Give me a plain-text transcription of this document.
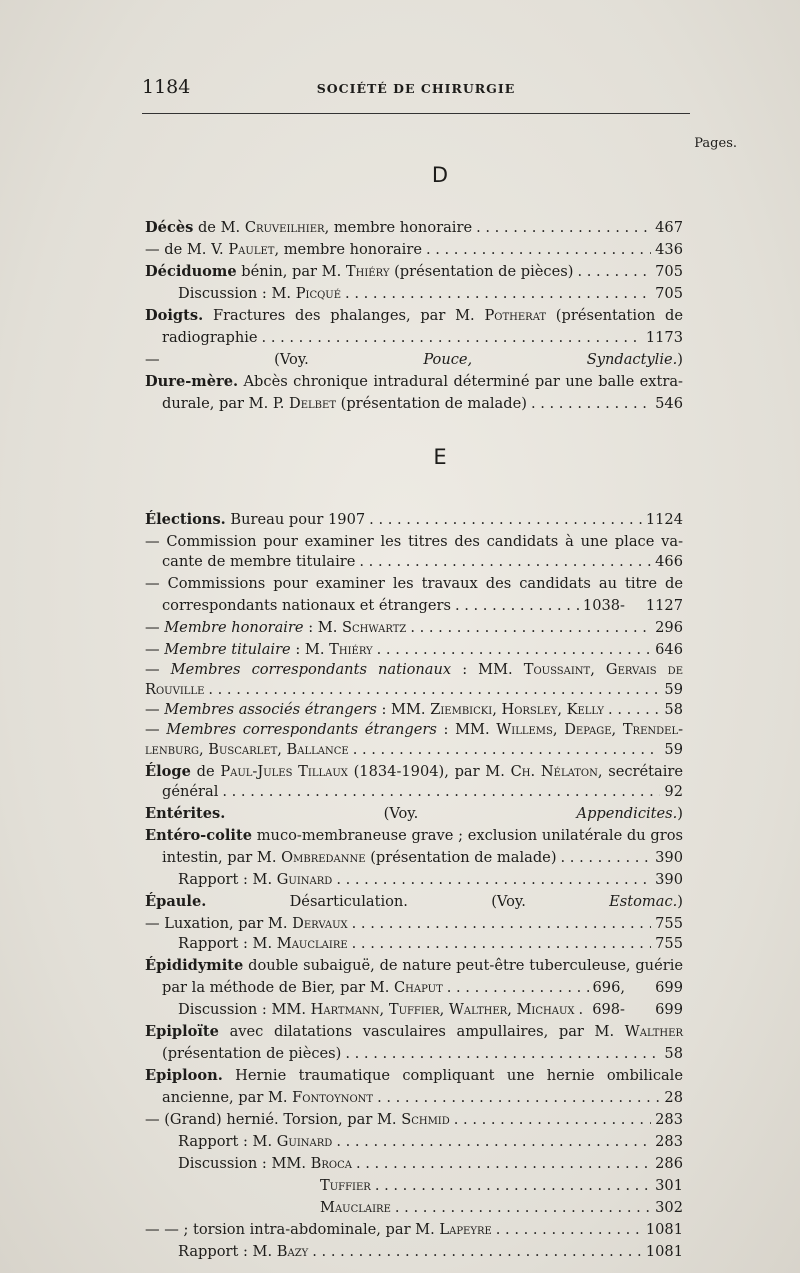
1184	SOCIÉTÉ DE CHIRURGIE
Pages.
D
E
Décès de M. Cruveilhier, membre honoraire . . .	467
— de M. V. Paulet, membre honoraire . . .	436
Déciduome bénin, par M. Thiéry (présentation de pièces) . . .	705
Discussion : M. Picqué . . .	705
Doigts. Fractures des phalanges, par M. Potherat (présentation de
radiographie . . .	1173
— (Voy. Pouce, Syndactylie.)
Dure-mère. Abcès chronique intradural déterminé par une balle extra-
durale, par M. P. Delbet (présentation de malade) . . .	546
Élections. Bureau pour 1907 . . .	1124
— Commission pour examiner les titres des candidats à une place va-
cante de membre titulaire . . .	466
— Commissions pour examiner les travaux des candidats au titre de
correspondants nationaux et étrangers . . .	1038-	1127
— Membre honoraire : M. Schwartz . . .	296
— Membre titulaire : M. Thiéry . . .	646
— Membres correspondants nationaux : MM. Toussaint, Gervais de
Rouville . . .	59
— Membres associés étrangers : MM. Ziembicki, Horsley, Kelly . . .	58
— Membres correspondants étrangers : MM. Willems, Depage, Trendel-
lenburg, Buscarlet, Ballance . . .	59
Éloge de Paul-Jules Tillaux (1834-1904), par M. Ch. Nélaton, secrétaire
général . . .	92
Entérites. (Voy. Appendicites.)
Entéro-colite muco-membraneuse grave ; exclusion unilatérale du gros
intestin, par M. Ombredanne (présentation de malade) . . .	390
Rapport : M. Guinard . . .	390
Épaule. Désarticulation. (Voy. Estomac.)
— Luxation, par M. Dervaux . . .	755
Rapport : M. Mauclaire . . .	755
Épididymite double subaiguë, de nature peut-être tuberculeuse, guérie
par la méthode de Bier, par M. Chaput . . .	696,	699
Discussion : MM. Hartmann, Tuffier, Walther, Michaux . . . 698-	699
Epiploïte avec dilatations vasculaires ampullaires, par M. Walther
(présentation de pièces) . . .	58
Epiploon. Hernie traumatique compliquant une hernie ombilicale
ancienne, par M. Fontoynont . . .	28
— (Grand) hernié. Torsion, par M. Schmid . . .	283
Rapport : M. Guinard . . .	283
Discussion : MM. Broca . . .	286
Tuffier . . .	301
Mauclaire . . .	302
— — ; torsion intra-abdominale, par M. Lapeyre . . .	1081
Rapport : M. Bazy . . .	1081
